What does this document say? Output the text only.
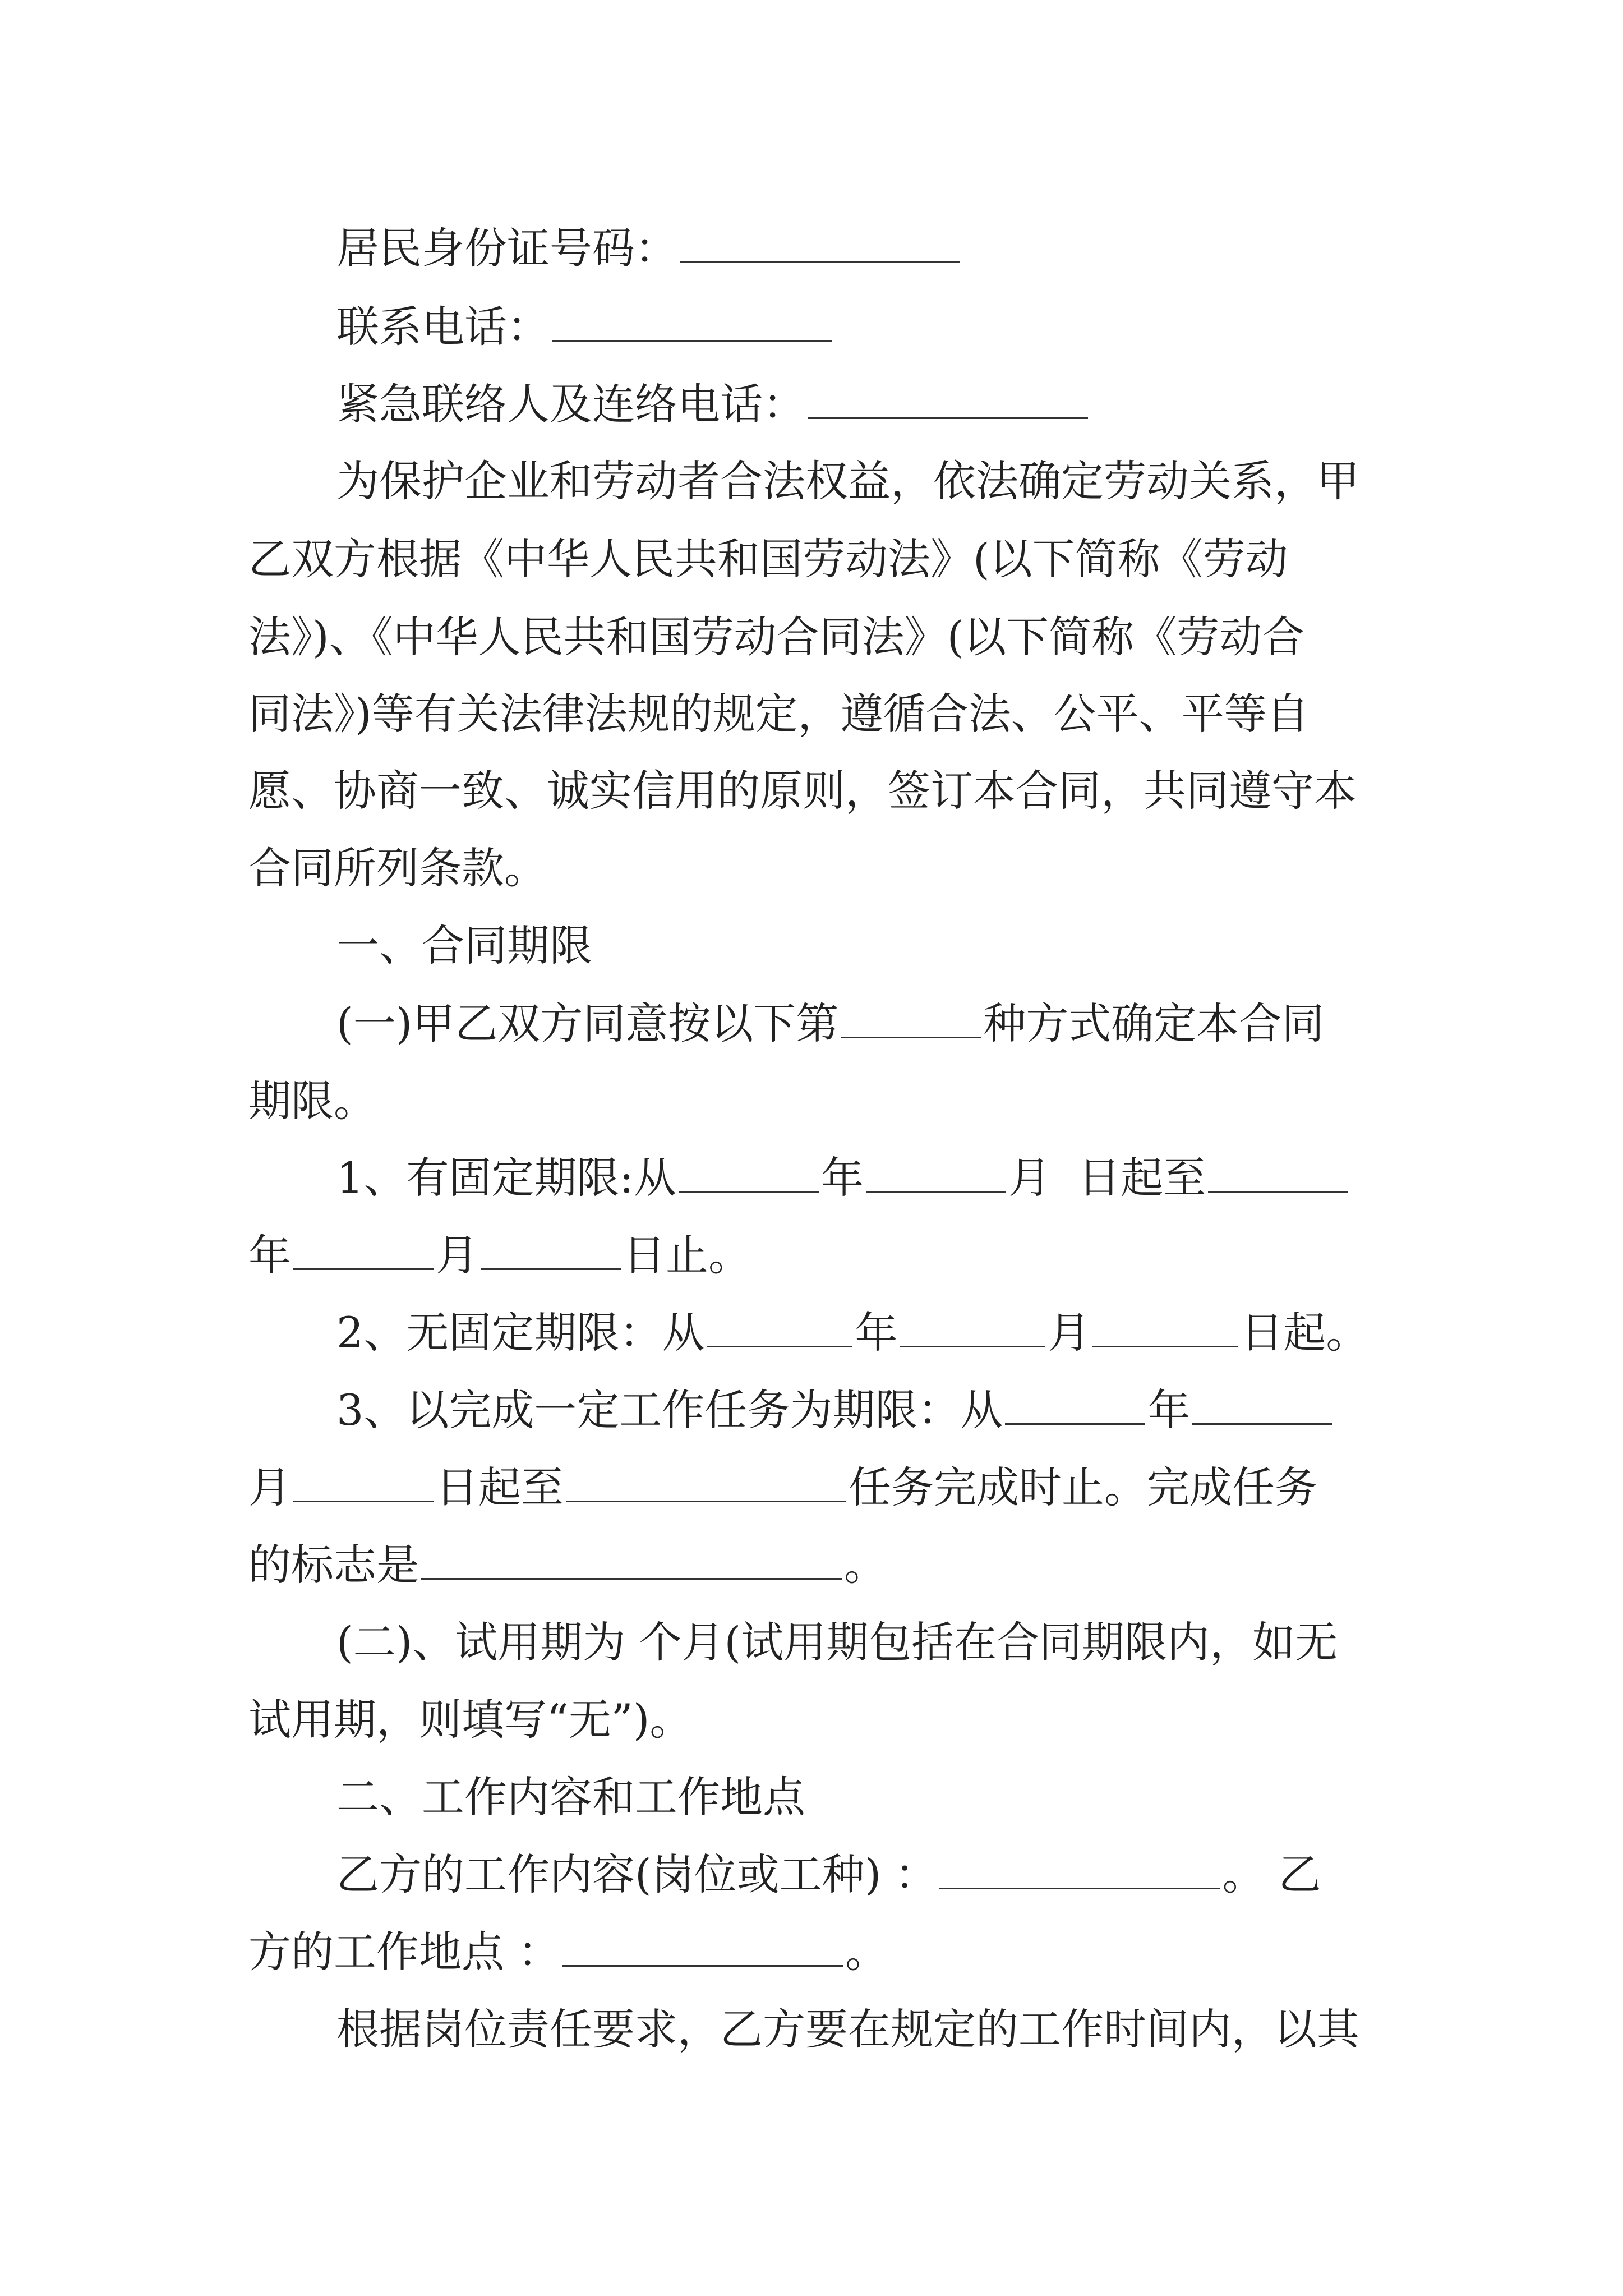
居民身份证号码：
联系电话：
紧急联络人及连络电话：
为保护企业和劳动者合法权益，依法确定劳动关系，甲
乙双方根据《中华人民共和国劳动法》(以下简称《劳动
法》)、《中华人民共和国劳动合同法》(以下简称《劳动合
同法》)等有关法律法规的规定，遵循合法、公平、平等自
愿、协商一致、诚实信用的原则，签订本合同，共同遵守本
合同所列条款。
一、合同期限
(一)甲乙双方同意按以下第	种方式确定本合同
期限。
1、有固定期限:从	年	月 日起至
年	月	日止。
2、无固定期限：从	年	月	日起。
3、以完成一定工作任务为期限：从	年
月	日起至	任务完成时止。完成任务
的标志是	。
(二)、试用期为 个月(试用期包括在合同期限内，如无
试用期，则填写“无”)。
二、工作内容和工作地点
乙方的工作内容(岗位或工种) ：	。 乙
方的工作地点 ：	。
根据岗位责任要求，乙方要在规定的工作时间内，以其
